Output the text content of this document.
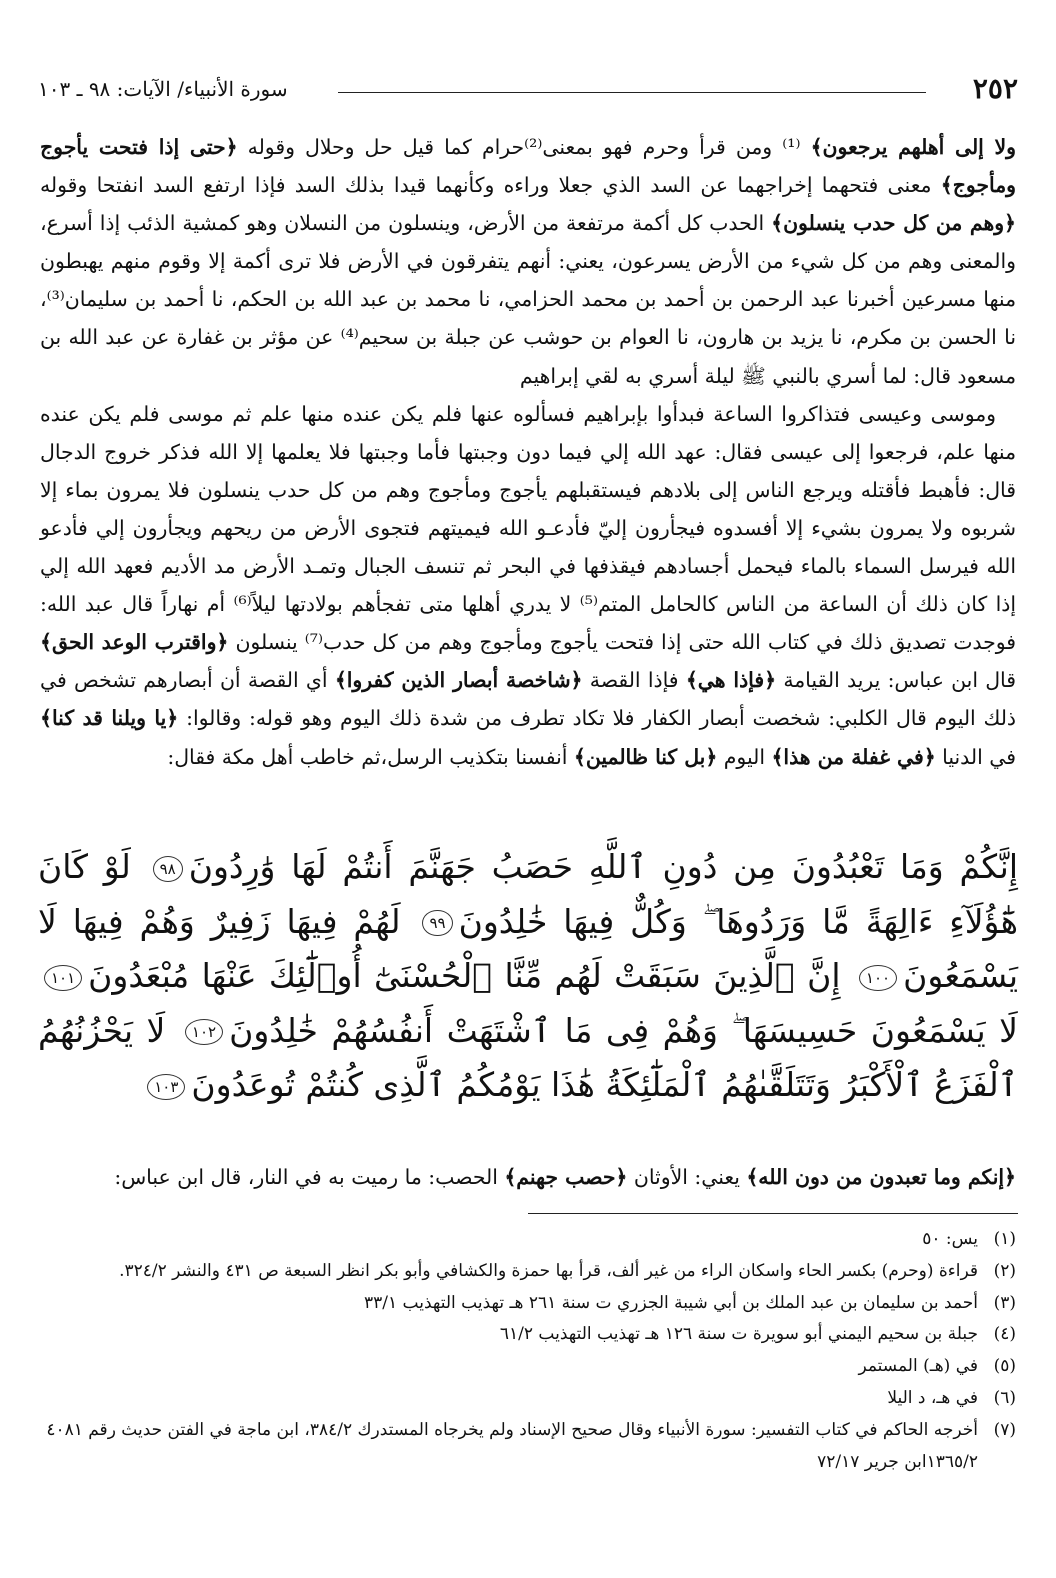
٢٥٢
سورة الأنبياء/ الآيات: ٩٨ ـ ١٠٣

ولا إلى أهلهم يرجعون﴾ ⁽¹⁾ ومن قرأ وحرم فهو بمعنى⁽²⁾حرام كما قيل حل وحلال وقوله ﴿حتى إذا فتحت يأجوج ومأجوج﴾ معنى فتحهما إخراجهما عن السد الذي جعلا وراءه وكأنهما قيدا بذلك السد فإذا ارتفع السد انفتحا وقوله ﴿وهم من كل حدب ينسلون﴾ الحدب كل أكمة مرتفعة من الأرض، وينسلون من النسلان وهو كمشية الذئب إذا أسرع، والمعنى وهم من كل شيء من الأرض يسرعون، يعني: أنهم يتفرقون في الأرض فلا ترى أكمة إلا وقوم منهم يهبطون منها مسرعين أخبرنا عبد الرحمن بن أحمد بن محمد الحزامي، نا محمد بن عبد الله بن الحكم، نا أحمد بن سليمان⁽³⁾، نا الحسن بن مكرم، نا يزيد بن هارون، نا العوام بن حوشب عن جبلة بن سحيم⁽⁴⁾ عن مؤثر بن غفارة عن عبد الله بن مسعود قال: لما أسري بالنبي ﷺ ليلة أسري به لقي إبراهيم

وموسى وعيسى فتذاكروا الساعة فبدأوا بإبراهيم فسألوه عنها فلم يكن عنده منها علم ثم موسى فلم يكن عنده منها علم، فرجعوا إلى عيسى فقال: عهد الله إلي فيما دون وجبتها فأما وجبتها فلا يعلمها إلا الله فذكر خروج الدجال قال: فأهبط فأقتله ويرجع الناس إلى بلادهم فيستقبلهم يأجوج ومأجوج وهم من كل حدب ينسلون فلا يمرون بماء إلا شربوه ولا يمرون بشيء إلا أفسدوه فيجأرون إليّ فأدعـو الله فيميتهم فتجوى الأرض من ريحهم ويجأرون إلي فأدعو الله فيرسل السماء بالماء فيحمل أجسادهم فيقذفها في البحر ثم تنسف الجبال وتمـد الأرض مد الأديم فعهد الله إلي إذا كان ذلك أن الساعة من الناس كالحامل المتم⁽⁵⁾ لا يدري أهلها متى تفجأهم بولادتها ليلاً⁽⁶⁾ أم نهاراً قال عبد الله: فوجدت تصديق ذلك في كتاب الله حتى إذا فتحت يأجوج ومأجوج وهم من كل حدب⁽⁷⁾ ينسلون ﴿واقترب الوعد الحق﴾ قال ابن عباس: يريد القيامة ﴿فإذا هي﴾ فإذا القصة ﴿شاخصة أبصار الذين كفروا﴾ أي القصة أن أبصارهم تشخص في ذلك اليوم قال الكلبي: شخصت أبصار الكفار فلا تكاد تطرف من شدة ذلك اليوم وهو قوله: وقالوا: ﴿يا ويلنا قد كنا﴾ في الدنيا ﴿في غفلة من هذا﴾ اليوم ﴿بل كنا ظالمين﴾ أنفسنا بتكذيب الرسل،ثم خاطب أهل مكة فقال:

إِنَّكُمْ وَمَا تَعْبُدُونَ مِن دُونِ ٱللَّهِ حَصَبُ جَهَنَّمَ أَنتُمْ لَهَا وَٰرِدُونَ٩٨ لَوْ كَانَ هَٰٓؤُلَآءِ ءَالِهَةً مَّا وَرَدُوهَا ۖ وَكُلٌّ فِيهَا خَٰلِدُونَ٩٩ لَهُمْ فِيهَا زَفِيرٌ وَهُمْ فِيهَا لَا يَسْمَعُونَ١٠٠ إِنَّ ٱلَّذِينَ سَبَقَتْ لَهُم مِّنَّا ٱلْحُسْنَىٰٓ أُو۟لَٰٓئِكَ عَنْهَا مُبْعَدُونَ١٠١ لَا يَسْمَعُونَ حَسِيسَهَا ۖ وَهُمْ فِى مَا ٱشْتَهَتْ أَنفُسُهُمْ خَٰلِدُونَ١٠٢ لَا يَحْزُنُهُمُ ٱلْفَزَعُ ٱلْأَكْبَرُ وَتَتَلَقَّىٰهُمُ ٱلْمَلَٰٓئِكَةُ هَٰذَا يَوْمُكُمُ ٱلَّذِى كُنتُمْ تُوعَدُونَ١٠٣

﴿إنكم وما تعبدون من دون الله﴾ يعني: الأوثان ﴿حصب جهنم﴾ الحصب: ما رميت به في النار، قال ابن عباس:

(١)
يس: ٥٠
(٢)
قراءة (وحرم) بكسر الحاء واسكان الراء من غير ألف، قرأ بها حمزة والكشافي وأبو بكر انظر السبعة ص ٤٣١ والنشر ٣٢٤/٢.
(٣)
أحمد بن سليمان بن عبد الملك بن أبي شيبة الجزري ت سنة ٢٦١ هـ تهذيب التهذيب ٣٣/١
(٤)
جبلة بن سحيم اليمني أبو سويرة ت سنة ١٢٦ هـ تهذيب التهذيب ٦١/٢
(٥)
في (هـ) المستمر
(٦)
في هـ، د اليلا
(٧)
أخرجه الحاكم في كتاب التفسير: سورة الأنبياء وقال صحيح الإسناد ولم يخرجاه المستدرك ٣٨٤/٢، ابن ماجة في الفتن حديث رقم ٤٠٨١ ١٣٦٥/٢ابن جرير ٧٢/١٧
